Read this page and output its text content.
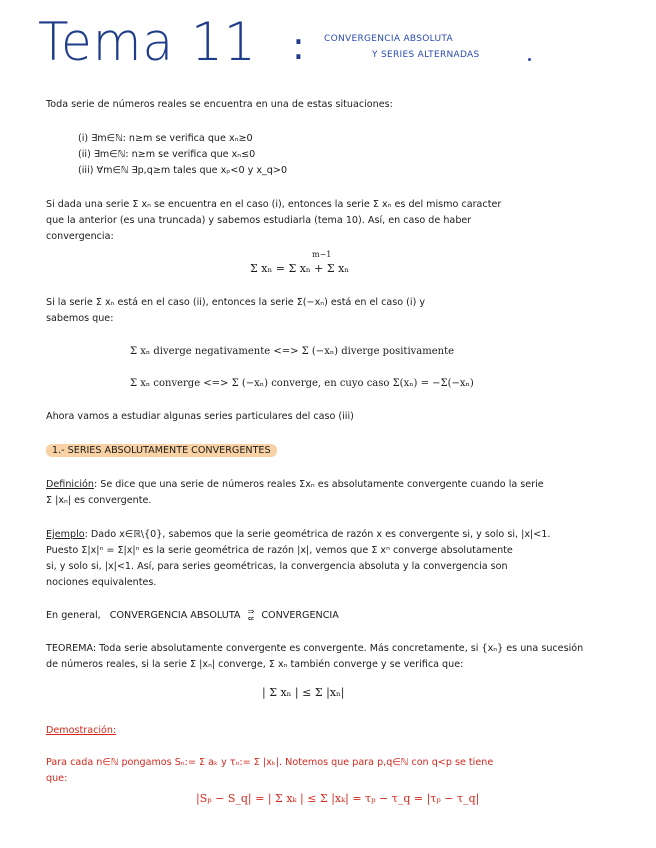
Tema 11 : CONVERGENCIA ABSOLUTA
Y SERIES ALTERNADAS
Toda serie de números reales se encuentra en una de estas situaciones:
(i) ∃m∈ℕ: n≥m se verifica que xₙ≥0
(ii) ∃m∈ℕ: n≥m se verifica que xₙ≤0
(iii) ∀m∈ℕ ∃p,q≥m tales que xₚ<0 y x_q>0
Si dada una serie Σ xₙ se encuentra en el caso (i), entonces la serie Σ xₙ es del mismo caracter
que la anterior (es una truncada) y sabemos estudiarla (tema 10). Así, en caso de haber
convergencia:
m−1
Σ xₙ = Σ xₙ + Σ xₙ
Si la serie Σ xₙ está en el caso (ii), entonces la serie Σ(−xₙ) está en el caso (i) y
sabemos que:
Σ xₙ diverge negativamente <=> Σ (−xₙ) diverge positivamente
Σ xₙ converge <=> Σ (−xₙ) converge, en cuyo caso Σ(xₙ) = −Σ(−xₙ)
Ahora vamos a estudiar algunas series particulares del caso (iii)
1.- SERIES ABSOLUTAMENTE CONVERGENTES
Definición: Se dice que una serie de números reales Σxₙ es absolutamente convergente cuando la serie
Σ |xₙ| es convergente.
Ejemplo: Dado x∈ℝ\{0}, sabemos que la serie geométrica de razón x es convergente si, y solo si, |x|<1.
Puesto Σ|x|ⁿ = Σ|x|ⁿ es la serie geométrica de razón |x|, vemos que Σ xⁿ converge absolutamente
si, y solo si, |x|<1. Así, para series geométricas, la convergencia absoluta y la convergencia son
nociones equivalentes.
En general, CONVERGENCIA ABSOLUTA ⇒
⇍ CONVERGENCIA
TEOREMA: Toda serie absolutamente convergente es convergente. Más concretamente, si {xₙ} es una sucesión
de números reales, si la serie Σ |xₙ| converge, Σ xₙ también converge y se verifica que:
| Σ xₙ | ≤ Σ |xₙ|
Demostración:
Para cada n∈ℕ pongamos Sₙ:= Σ aₖ y τₙ:= Σ |xₖ|. Notemos que para p,q∈ℕ con q<p se tiene
que:
|Sₚ − S_q| = | Σ xₖ | ≤ Σ |xₖ| = τₚ − τ_q = |τₚ − τ_q|
